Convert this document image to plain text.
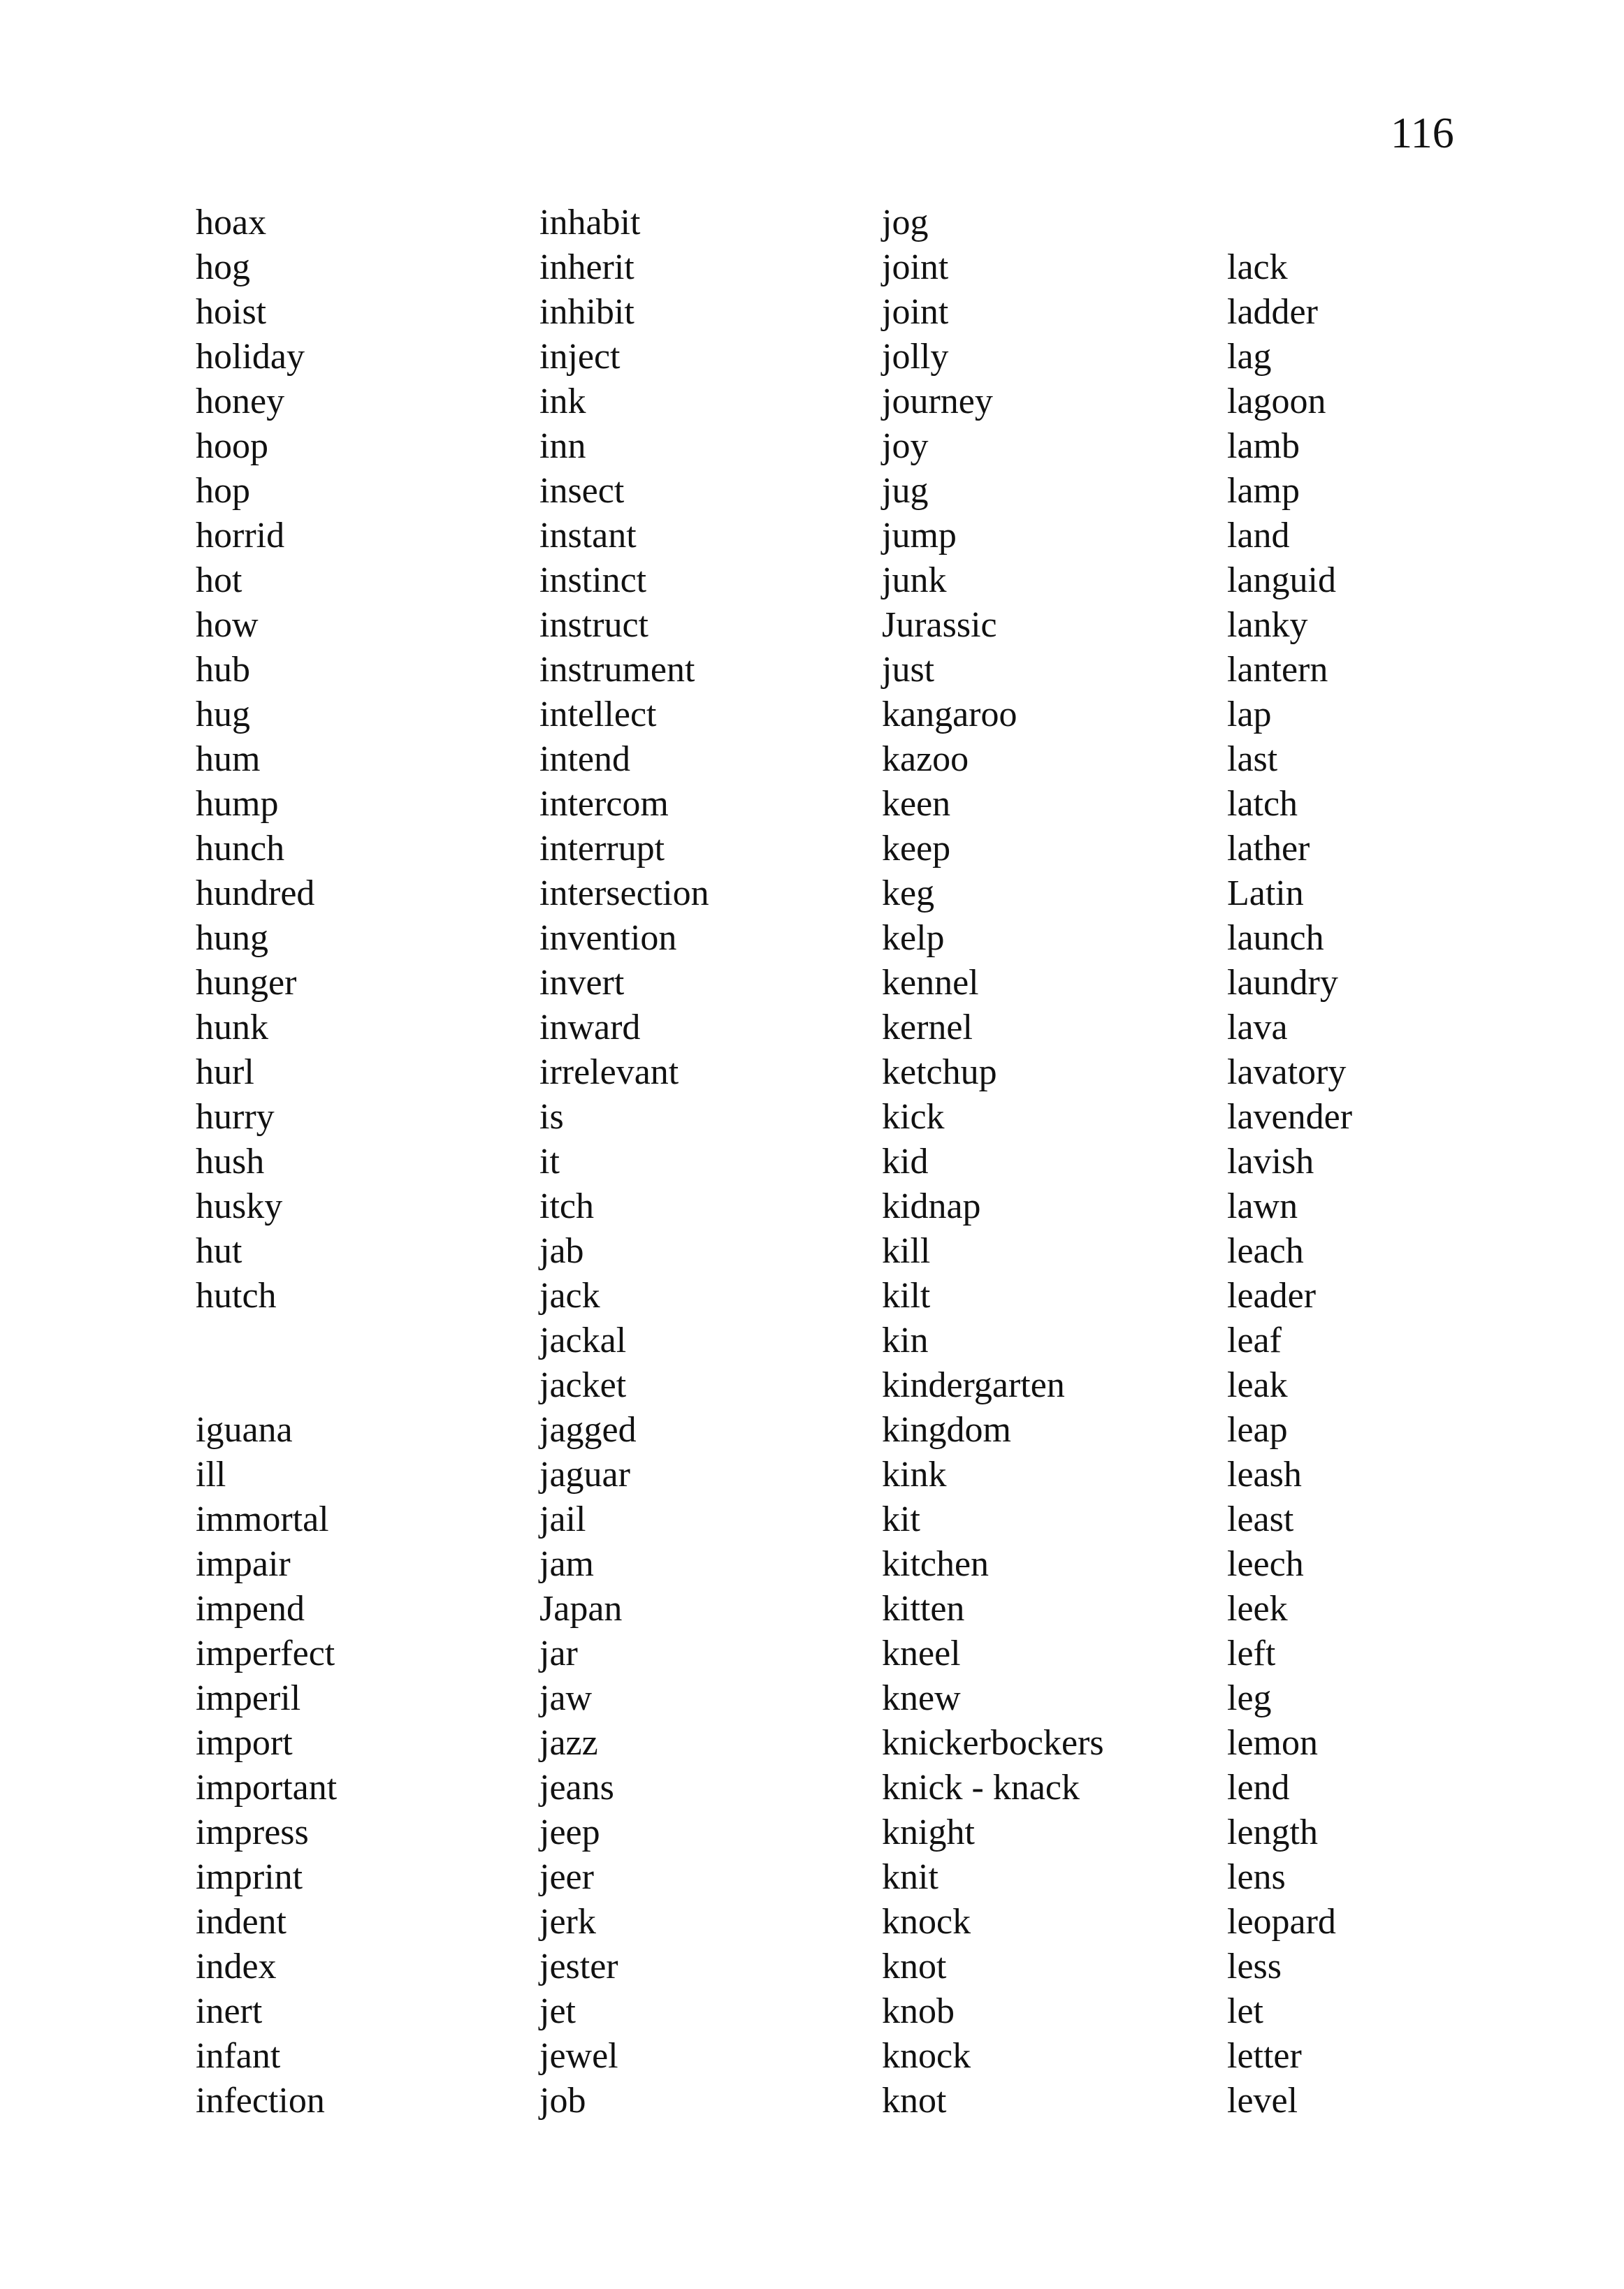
116
hoax
hog
hoist
holiday
honey
hoop
hop
horrid
hot
how
hub
hug
hum
hump
hunch
hundred
hung
hunger
hunk
hurl
hurry
hush
husky
hut
hutch
iguana
ill
immortal
impair
impend
imperfect
imperil
import
important
impress
imprint
indent
index
inert
infant
infection
inhabit
inherit
inhibit
inject
ink
inn
insect
instant
instinct
instruct
instrument
intellect
intend
intercom
interrupt
intersection
invention
invert
inward
irrelevant
is
it
itch
jab
jack
jackal
jacket
jagged
jaguar
jail
jam
Japan
jar
jaw
jazz
jeans
jeep
jeer
jerk
jester
jet
jewel
job
jog
joint
joint
jolly
journey
joy
jug
jump
junk
Jurassic
just
kangaroo
kazoo
keen
keep
keg
kelp
kennel
kernel
ketchup
kick
kid
kidnap
kill
kilt
kin
kindergarten
kingdom
kink
kit
kitchen
kitten
kneel
knew
knickerbockers
knick - knack
knight
knit
knock
knot
knob
knock
knot
lack
ladder
lag
lagoon
lamb
lamp
land
languid
lanky
lantern
lap
last
latch
lather
Latin
launch
laundry
lava
lavatory
lavender
lavish
lawn
leach
leader
leaf
leak
leap
leash
least
leech
leek
left
leg
lemon
lend
length
lens
leopard
less
let
letter
level
